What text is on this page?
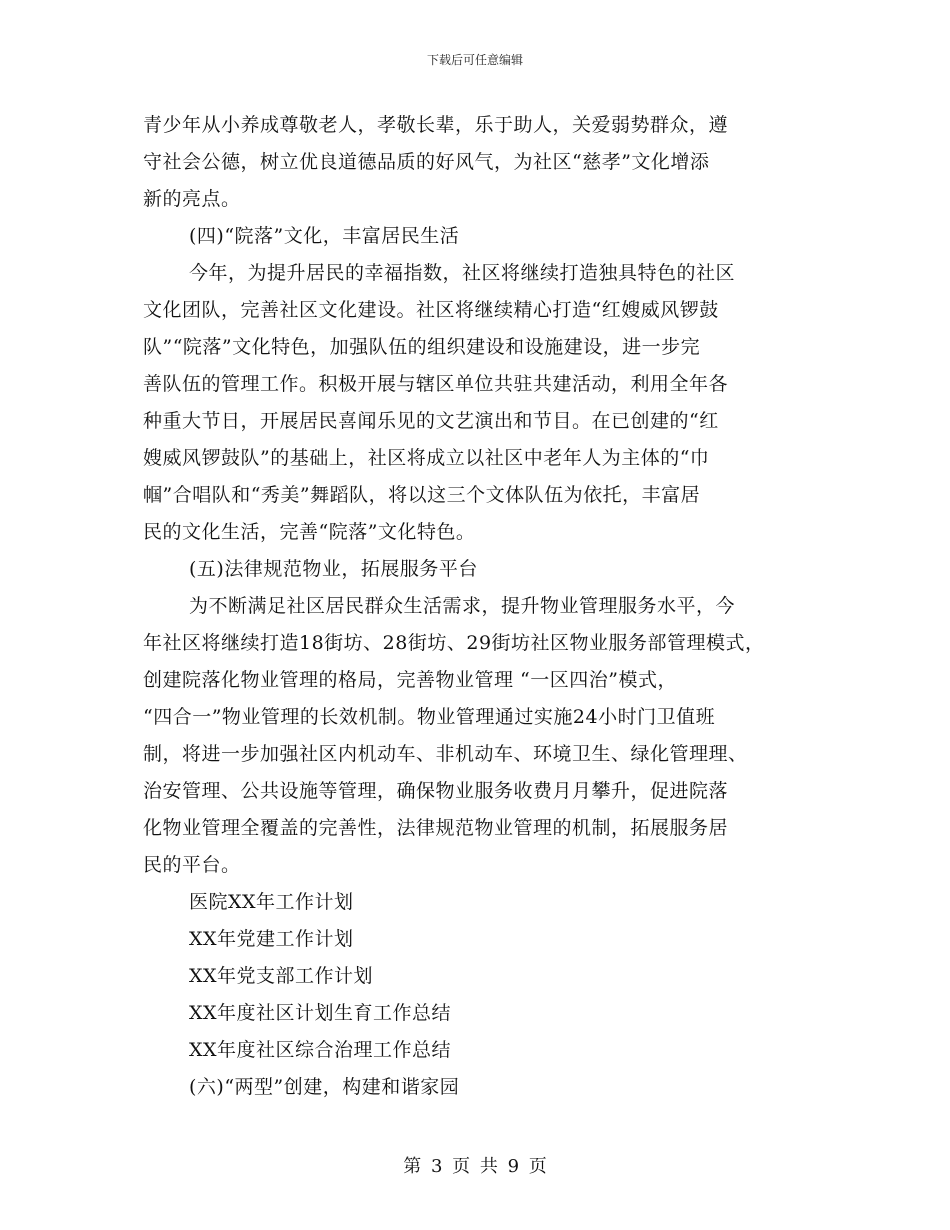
下载后可任意编辑
青少年从小养成尊敬老人，孝敬长辈，乐于助人，关爱弱势群众，遵
守社会公德，树立优良道德品质的好风气，为社区“慈孝”文化增添
新的亮点。
(四)“院落”文化，丰富居民生活
今年，为提升居民的幸福指数，社区将继续打造独具特色的社区
文化团队，完善社区文化建设。社区将继续精心打造“红嫂威风锣鼓
队”“院落”文化特色，加强队伍的组织建设和设施建设，进一步完
善队伍的管理工作。积极开展与辖区单位共驻共建活动，利用全年各
种重大节日，开展居民喜闻乐见的文艺演出和节目。在已创建的“红
嫂威风锣鼓队”的基础上，社区将成立以社区中老年人为主体的“巾
帼”合唱队和“秀美”舞蹈队，将以这三个文体队伍为依托，丰富居
民的文化生活，完善“院落”文化特色。
(五)法律规范物业，拓展服务平台
为不断满足社区居民群众生活需求，提升物业管理服务水平，今
年社区将继续打造18街坊、28街坊、29街坊社区物业服务部管理模式，
创建院落化物业管理的格局，完善物业管理 “一区四治”模式，
“四合一”物业管理的长效机制。物业管理通过实施24小时门卫值班
制，将进一步加强社区内机动车、非机动车、环境卫生、绿化管理理、
治安管理、公共设施等管理，确保物业服务收费月月攀升，促进院落
化物业管理全覆盖的完善性，法律规范物业管理的机制，拓展服务居
民的平台。
医院XX年工作计划
XX年党建工作计划
XX年党支部工作计划
XX年度社区计划生育工作总结
XX年度社区综合治理工作总结
(六)“两型”创建，构建和谐家园
第 3 页 共 9 页
